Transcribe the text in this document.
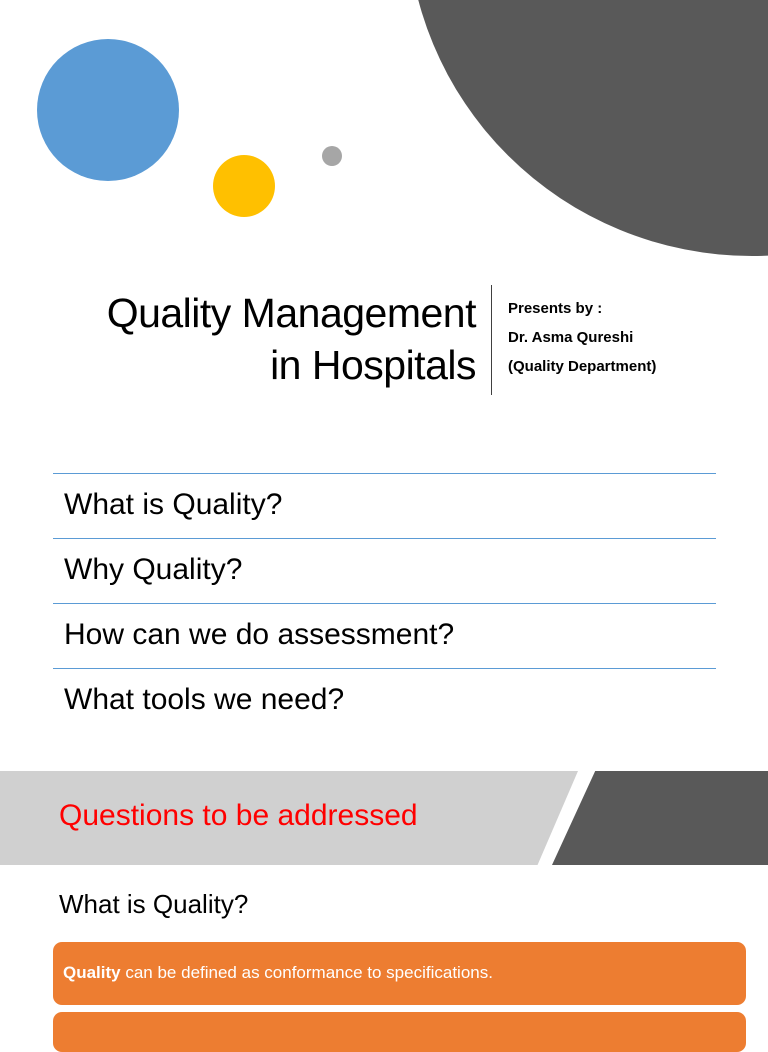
Quality Management
in Hospitals
Presents by :
Dr. Asma Qureshi
(Quality Department)
What is Quality?
Why Quality?
How can we do assessment?
What tools we need?
Questions to be addressed
What is Quality?
Quality can be defined as conformance to specifications.
